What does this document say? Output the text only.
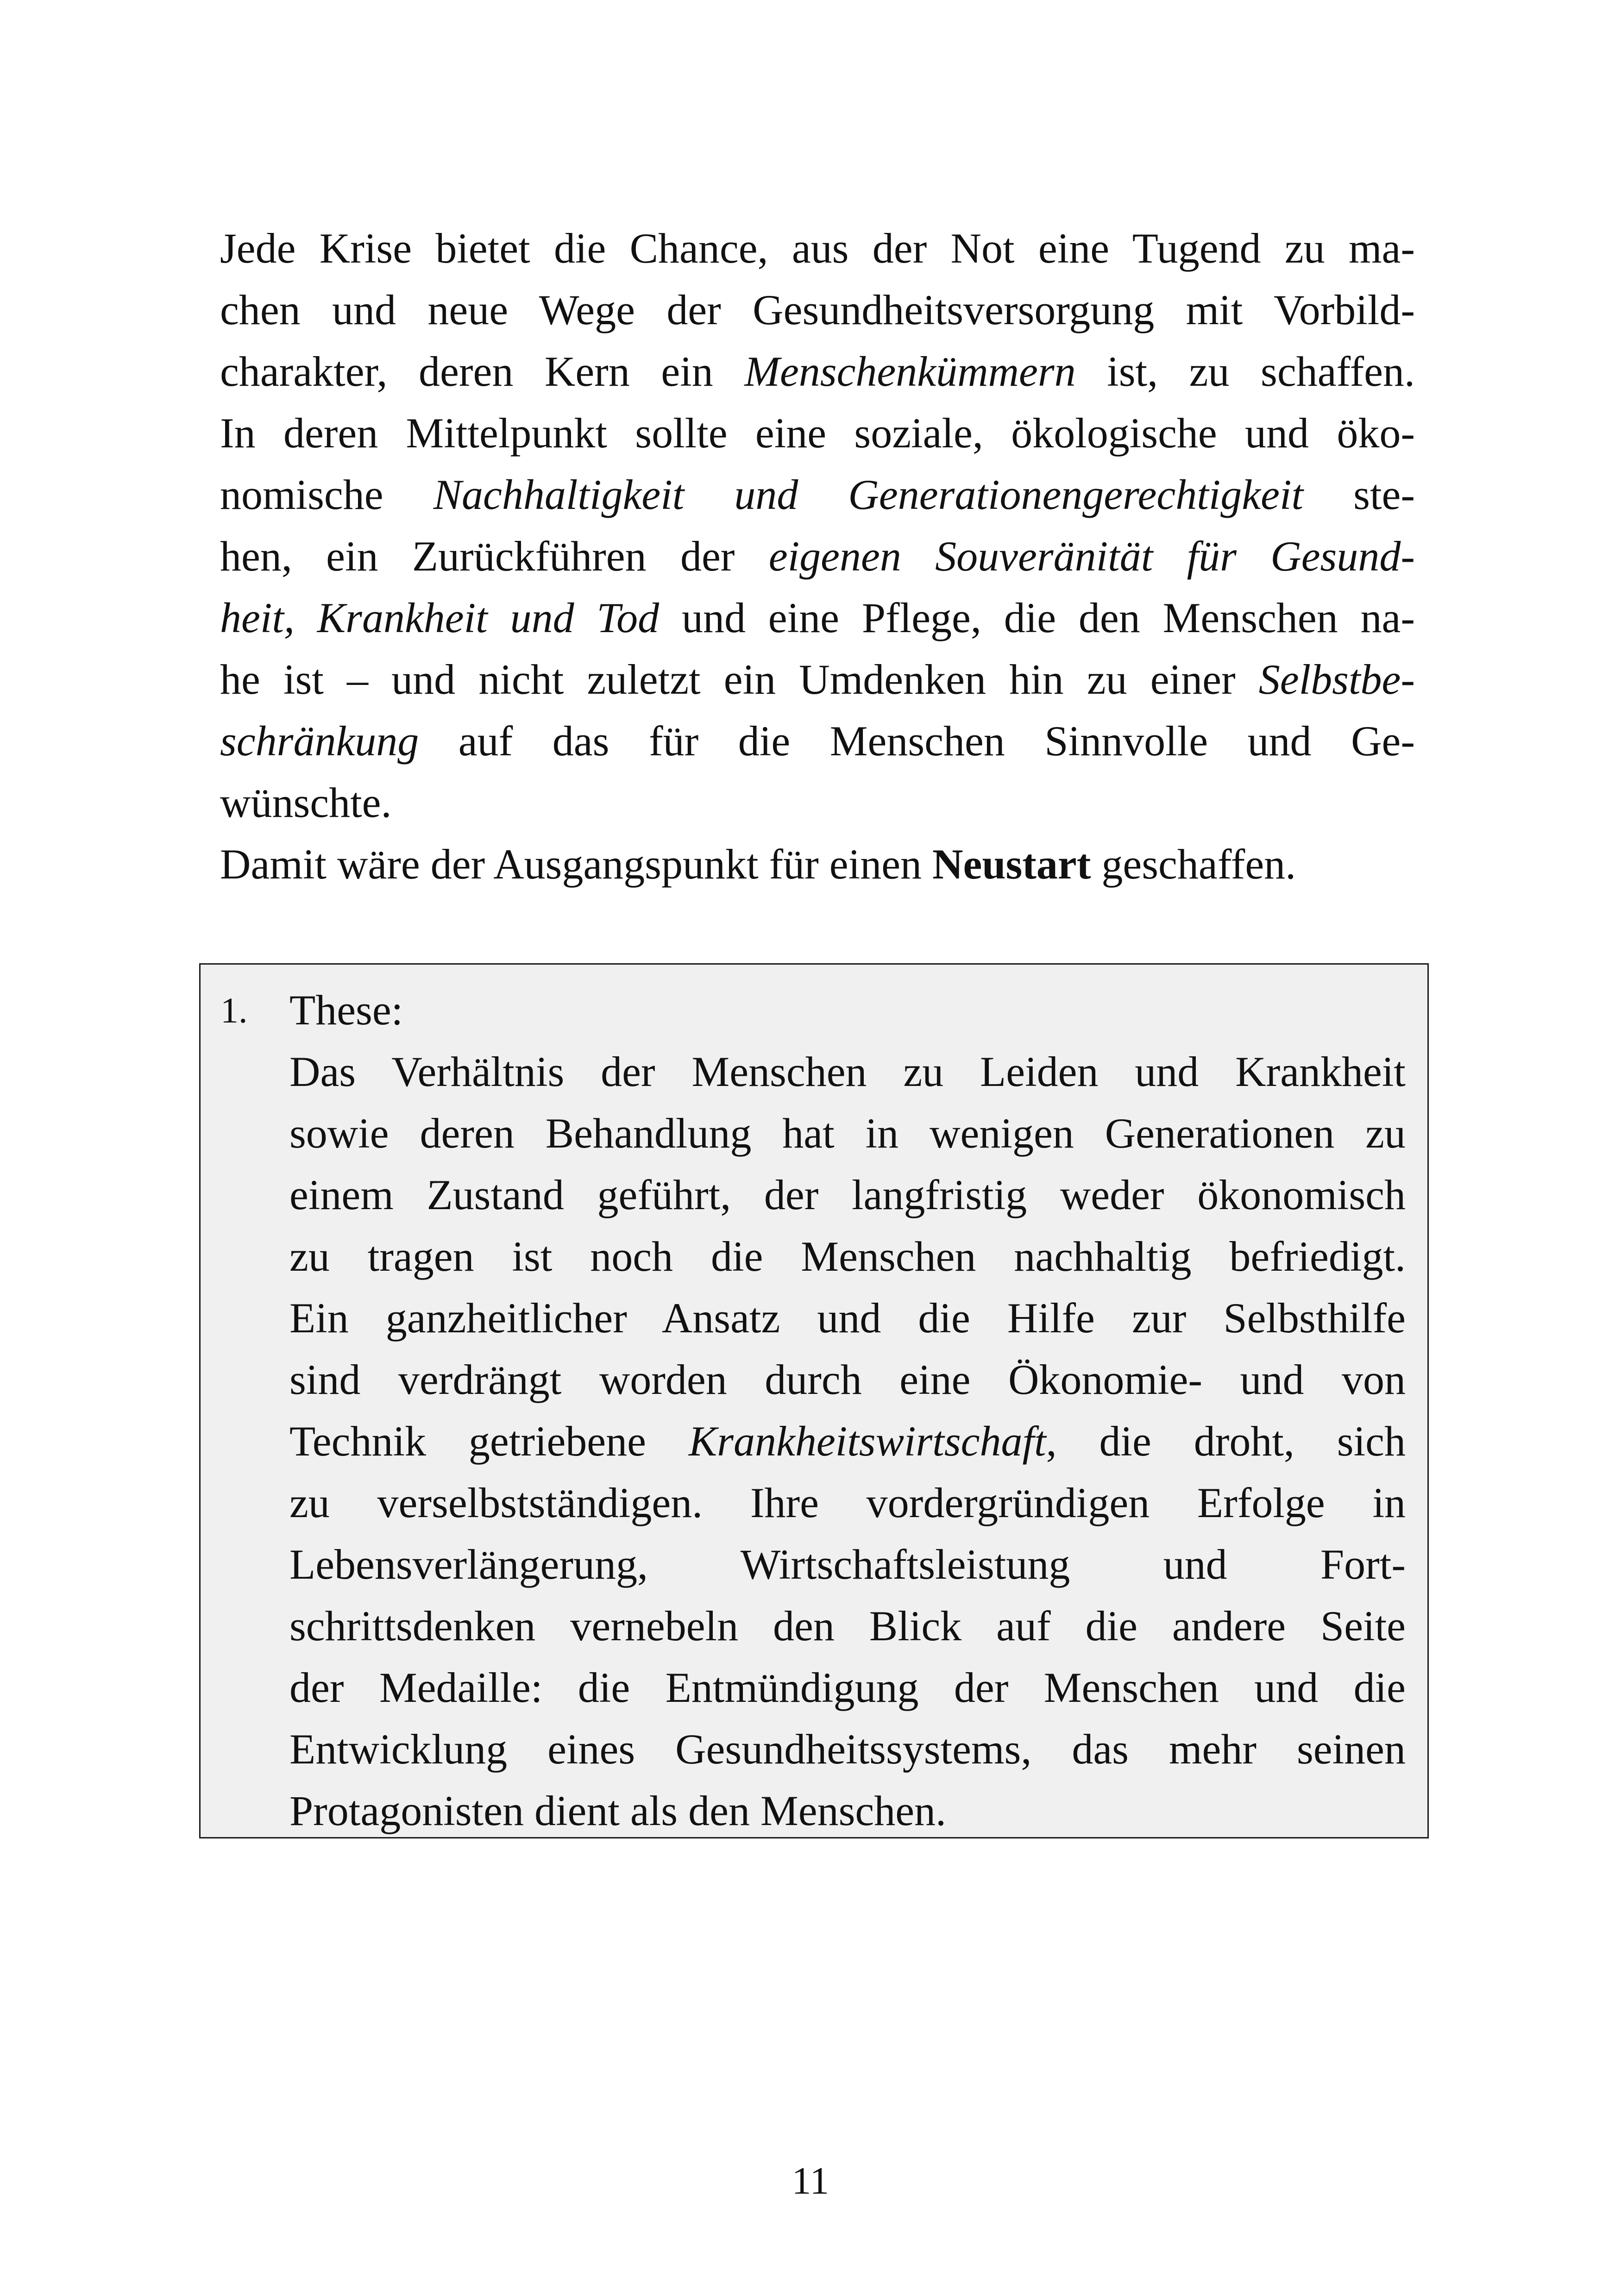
Jede Krise bietet die Chance, aus der Not eine Tugend zu ma-
chen und neue Wege der Gesundheitsversorgung mit Vorbild-
charakter, deren Kern ein Menschenkümmern ist, zu schaffen.
In deren Mittelpunkt sollte eine soziale, ökologische und öko-
nomische Nachhaltigkeit und Generationengerechtigkeit ste-
hen, ein Zurückführen der eigenen Souveränität für Gesund-
heit, Krankheit und Tod und eine Pflege, die den Menschen na-
he ist – und nicht zuletzt ein Umdenken hin zu einer Selbstbe-
schränkung auf das für die Menschen Sinnvolle und Ge-
wünschte.
Damit wäre der Ausgangspunkt für einen Neustart geschaffen.
1. These:
Das Verhältnis der Menschen zu Leiden und Krankheit
sowie deren Behandlung hat in wenigen Generationen zu
einem Zustand geführt, der langfristig weder ökonomisch
zu tragen ist noch die Menschen nachhaltig befriedigt.
Ein ganzheitlicher Ansatz und die Hilfe zur Selbsthilfe
sind verdrängt worden durch eine Ökonomie- und von
Technik getriebene Krankheitswirtschaft, die droht, sich
zu verselbstständigen. Ihre vordergründigen Erfolge in
Lebensverlängerung, Wirtschaftsleistung und Fort-
schrittsdenken vernebeln den Blick auf die andere Seite
der Medaille: die Entmündigung der Menschen und die
Entwicklung eines Gesundheitssystems, das mehr seinen
Protagonisten dient als den Menschen.
11
